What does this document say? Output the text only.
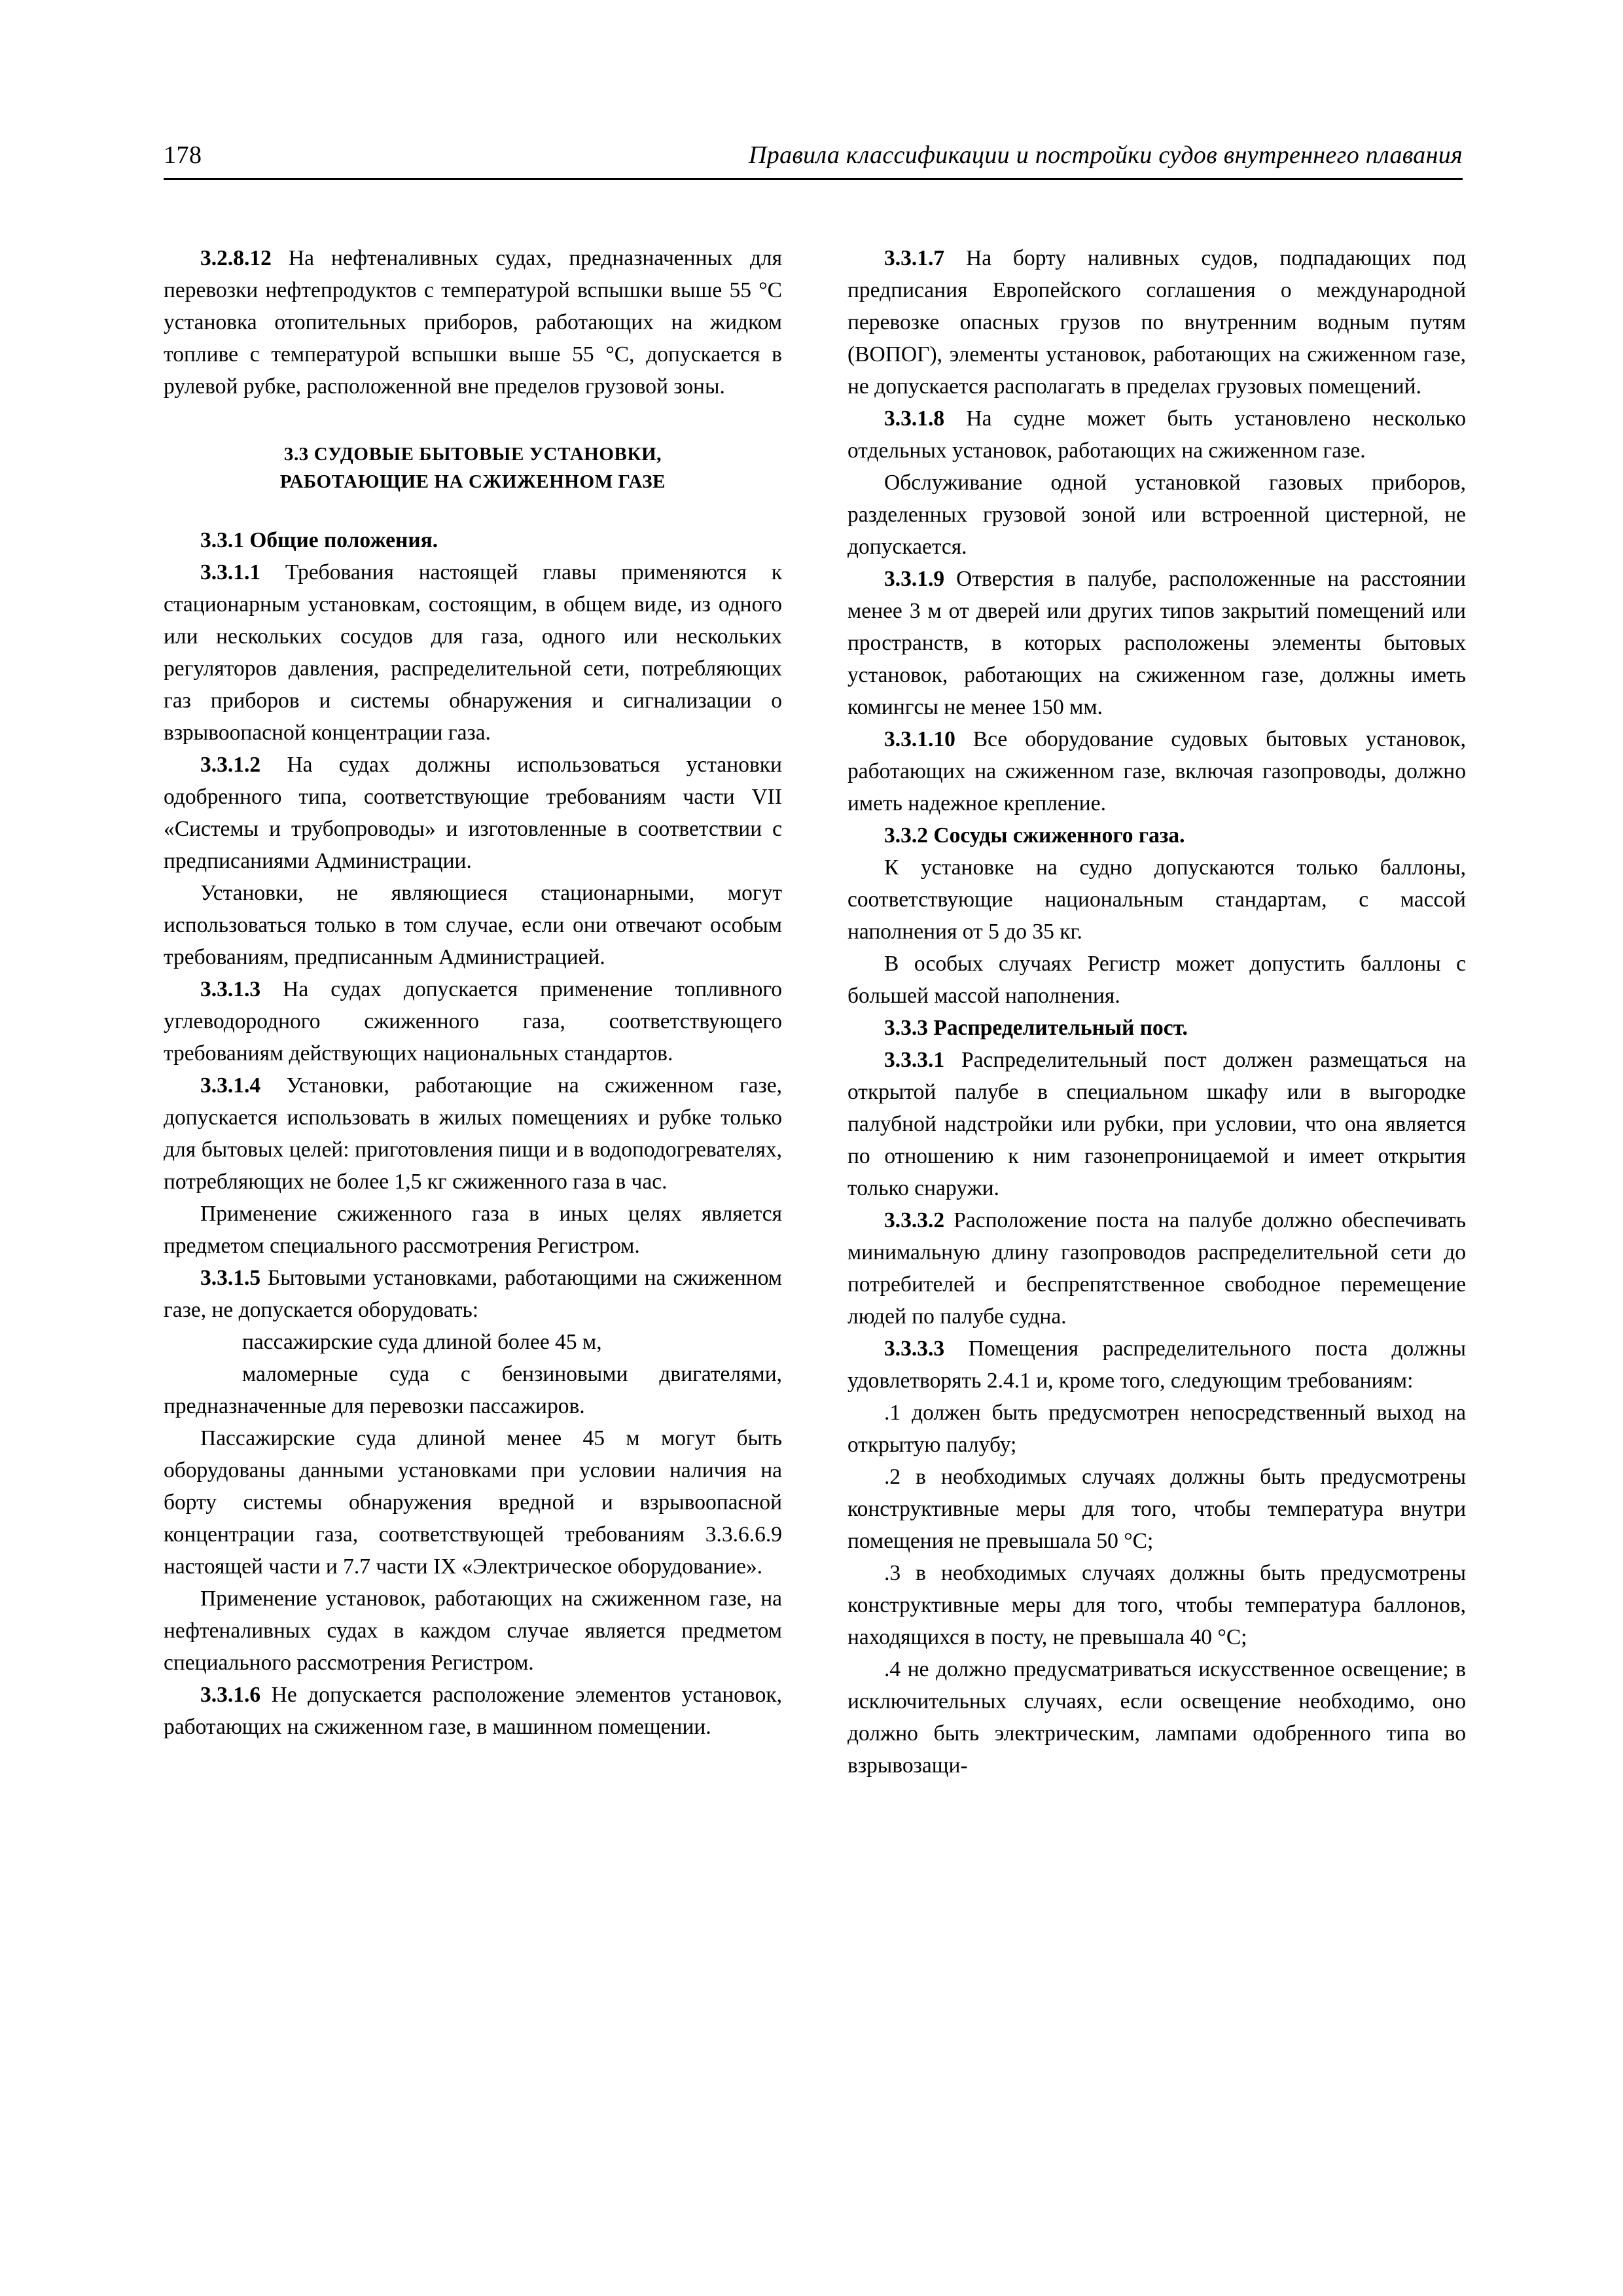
178	Правила классификации и постройки судов внутреннего плавания

3.2.8.12 На нефтеналивных судах, предназначенных для перевозки нефтепродуктов с температурой вспышки выше 55 °С установка отопительных приборов, работающих на жидком топливе с температурой вспышки выше 55 °С, допускается в рулевой рубке, расположенной вне пределов грузовой зоны.

3.3 СУДОВЫЕ БЫТОВЫЕ УСТАНОВКИ,
РАБОТАЮЩИЕ НА СЖИЖЕННОМ ГАЗЕ

3.3.1 Общие положения.

3.3.1.1 Требования настоящей главы применяются к стационарным установкам, состоящим, в общем виде, из одного или нескольких сосудов для газа, одного или нескольких регуляторов давления, распределительной сети, потребляющих газ приборов и системы обнаружения и сигнализации о взрывоопасной концентрации газа.

3.3.1.2 На судах должны использоваться установки одобренного типа, соответствующие требованиям части VII «Системы и трубопроводы» и изготовленные в соответствии с предписаниями Администрации.

Установки, не являющиеся стационарными, могут использоваться только в том случае, если они отвечают особым требованиям, предписанным Администрацией.

3.3.1.3 На судах допускается применение топливного углеводородного сжиженного газа, соответствующего требованиям действующих национальных стандартов.

3.3.1.4 Установки, работающие на сжиженном газе, допускается использовать в жилых помещениях и рубке только для бытовых целей: приготовления пищи и в водоподогревателях, потребляющих не более 1,5 кг сжиженного газа в час.

Применение сжиженного газа в иных целях является предметом специального рассмотрения Регистром.

3.3.1.5 Бытовыми установками, работающими на сжиженном газе, не допускается оборудовать:

пассажирские суда длиной более 45 м,

маломерные суда с бензиновыми двигателями, предназначенные для перевозки пассажиров.

Пассажирские суда длиной менее 45 м могут быть оборудованы данными установками при условии наличия на борту системы обнаружения вредной и взрывоопасной концентрации газа, соответствующей требованиям 3.3.6.6.9 настоящей части и 7.7 части IX «Электрическое оборудование».

Применение установок, работающих на сжиженном газе, на нефтеналивных судах в каждом случае является предметом специального рассмотрения Регистром.

3.3.1.6 Не допускается расположение элементов установок, работающих на сжиженном газе, в машинном помещении.

3.3.1.7 На борту наливных судов, подпадающих под предписания Европейского соглашения о международной перевозке опасных грузов по внутренним водным путям (ВОПОГ), элементы установок, работающих на сжиженном газе, не допускается располагать в пределах грузовых помещений.

3.3.1.8 На судне может быть установлено несколько отдельных установок, работающих на сжиженном газе.

Обслуживание одной установкой газовых приборов, разделенных грузовой зоной или встроенной цистерной, не допускается.

3.3.1.9 Отверстия в палубе, расположенные на расстоянии менее 3 м от дверей или других типов закрытий помещений или пространств, в которых расположены элементы бытовых установок, работающих на сжиженном газе, должны иметь комингсы не менее 150 мм.

3.3.1.10 Все оборудование судовых бытовых установок, работающих на сжиженном газе, включая газопроводы, должно иметь надежное крепление.

3.3.2 Сосуды сжиженного газа.

К установке на судно допускаются только баллоны, соответствующие национальным стандартам, с массой наполнения от 5 до 35 кг.

В особых случаях Регистр может допустить баллоны с большей массой наполнения.

3.3.3 Распределительный пост.

3.3.3.1 Распределительный пост должен размещаться на открытой палубе в специальном шкафу или в выгородке палубной надстройки или рубки, при условии, что она является по отношению к ним газонепроницаемой и имеет открытия только снаружи.

3.3.3.2 Расположение поста на палубе должно обеспечивать минимальную длину газопроводов распределительной сети до потребителей и беспрепятственное свободное перемещение людей по палубе судна.

3.3.3.3 Помещения распределительного поста должны удовлетворять 2.4.1 и, кроме того, следующим требованиям:

.1 должен быть предусмотрен непосредственный выход на открытую палубу;

.2 в необходимых случаях должны быть предусмотрены конструктивные меры для того, чтобы температура внутри помещения не превышала 50 °С;

.3 в необходимых случаях должны быть предусмотрены конструктивные меры для того, чтобы температура баллонов, находящихся в посту, не превышала 40 °С;

.4 не должно предусматриваться искусственное освещение; в исключительных случаях, если освещение необходимо, оно должно быть электрическим, лампами одобренного типа во взрывозащи-
